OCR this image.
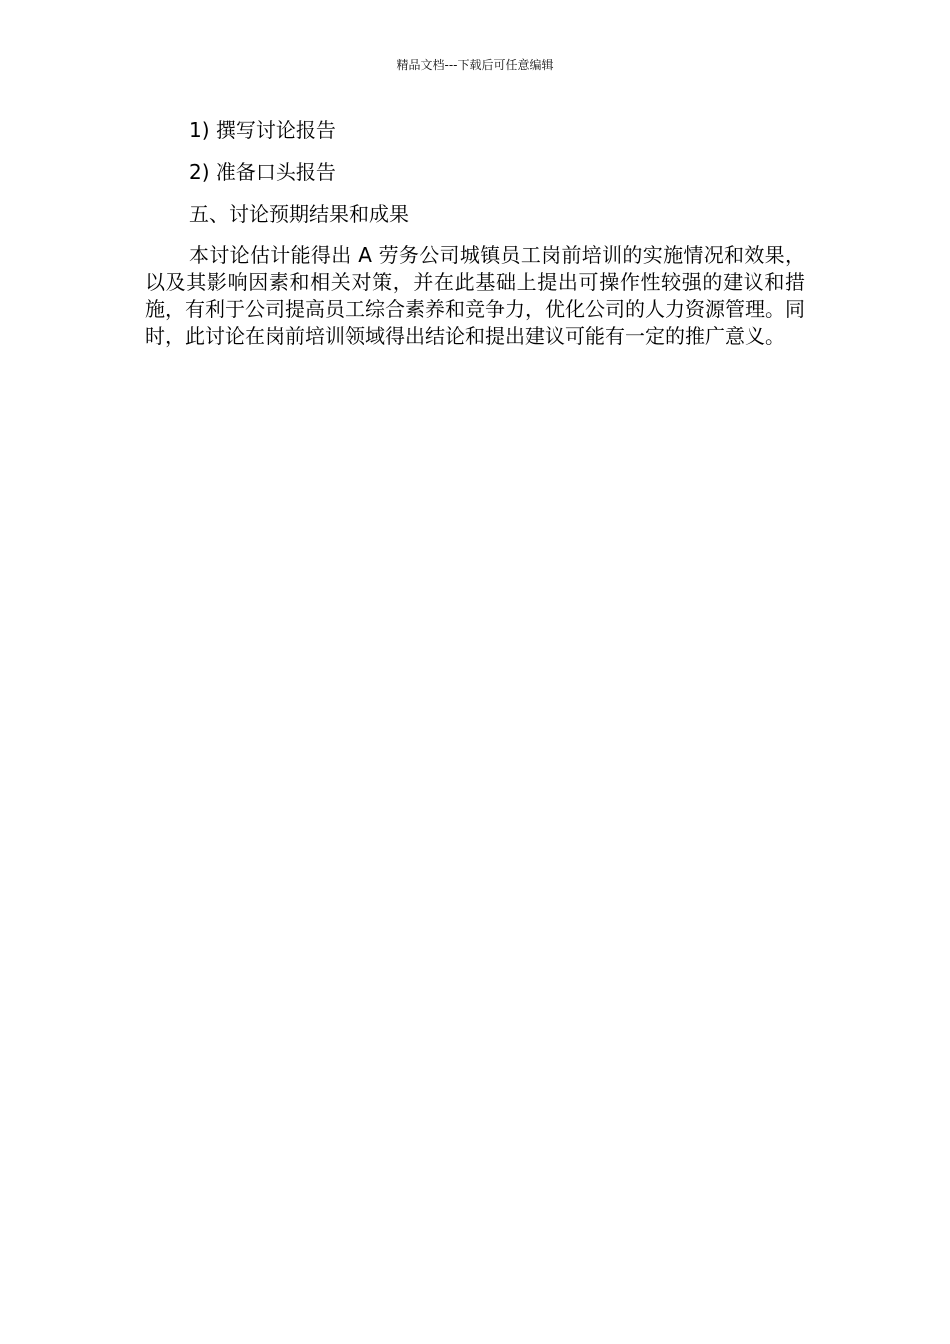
精品文档---下载后可任意编辑

1) 撰写讨论报告

2) 准备口头报告

五、讨论预期结果和成果

本讨论估计能得出 A 劳务公司城镇员工岗前培训的实施情况和效果，以及其影响因素和相关对策，并在此基础上提出可操作性较强的建议和措施，有利于公司提高员工综合素养和竞争力，优化公司的人力资源管理。同时，此讨论在岗前培训领域得出结论和提出建议可能有一定的推广意义。
